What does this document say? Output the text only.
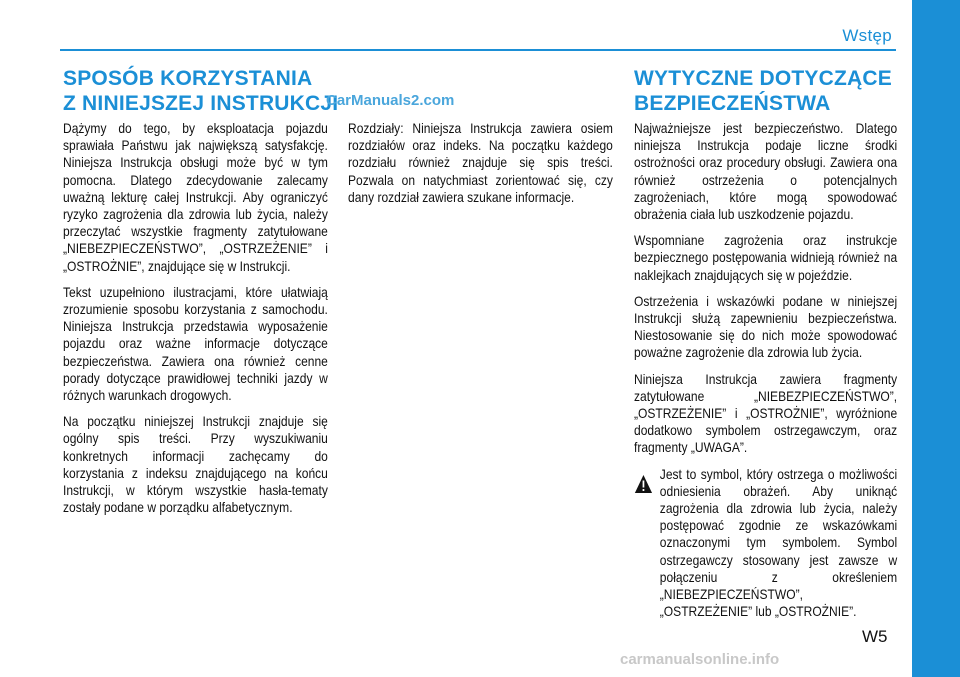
Wstęp
SPOSÓB KORZYSTANIA
Z NINIEJSZEJ INSTRUKCJI
CarManuals2.com
WYTYCZNE DOTYCZĄCE
BEZPIECZEŃSTWA

Dążymy do tego, by eksploatacja pojazdu sprawiała Państwu jak największą satysfakcję. Niniejsza Instrukcja obsługi może być w tym pomocna. Dlatego zdecydowanie zalecamy uważną lekturę całej Instrukcji. Aby ograniczyć ryzyko zagrożenia dla zdrowia lub życia, należy przeczytać wszystkie fragmenty zatytułowane „NIEBEZPIECZEŃSTWO”, „OSTRZEŻENIE” i „OSTROŻNIE”, znajdujące się w Instrukcji.

Tekst uzupełniono ilustracjami, które ułatwiają zrozumienie sposobu korzystania z samochodu. Niniejsza Instrukcja przedstawia wyposażenie pojazdu oraz ważne informacje dotyczące bezpieczeństwa. Zawiera ona również cenne porady dotyczące prawidłowej techniki jazdy w różnych warunkach drogowych.

Na początku niniejszej Instrukcji znajduje się ogólny spis treści. Przy wyszukiwaniu konkretnych informacji zachęcamy do korzystania z indeksu znajdującego na końcu Instrukcji, w którym wszystkie hasła-tematy zostały podane w porządku alfabetycznym.

Rozdziały: Niniejsza Instrukcja zawiera osiem rozdziałów oraz indeks. Na początku każdego rozdziału również znajduje się spis treści. Pozwala on natychmiast zorientować się, czy dany rozdział zawiera szukane informacje.

Najważniejsze jest bezpieczeństwo. Dlatego niniejsza Instrukcja podaje liczne środki ostrożności oraz procedury obsługi. Zawiera ona również ostrzeżenia o potencjalnych zagrożeniach, które mogą spowodować obrażenia ciała lub uszkodzenie pojazdu.

Wspomniane zagrożenia oraz instrukcje bezpiecznego postępowania widnieją również na naklejkach znajdujących się w pojeździe.

Ostrzeżenia i wskazówki podane w niniejszej Instrukcji służą zapewnieniu bezpieczeństwa. Niestosowanie się do nich może spowodować poważne zagrożenie dla zdrowia lub życia.

Niniejsza Instrukcja zawiera fragmenty zatytułowane „NIEBEZPIECZEŃSTWO”, „OSTRZEŻENIE” i „OSTROŻNIE”, wyróżnione dodatkowo symbolem ostrzegawczym, oraz fragmenty „UWAGA”.

Jest to symbol, który ostrzega o możliwości odniesienia obrażeń. Aby uniknąć zagrożenia dla zdrowia lub życia, należy postępować zgodnie ze wskazówkami oznaczonymi tym symbolem. Symbol ostrzegawczy stosowany jest zawsze w połączeniu z określeniem „NIEBEZPIECZEŃSTWO”, „OSTRZEŻENIE” lub „OSTROŻNIE”.

W5
carmanualsonline.info
